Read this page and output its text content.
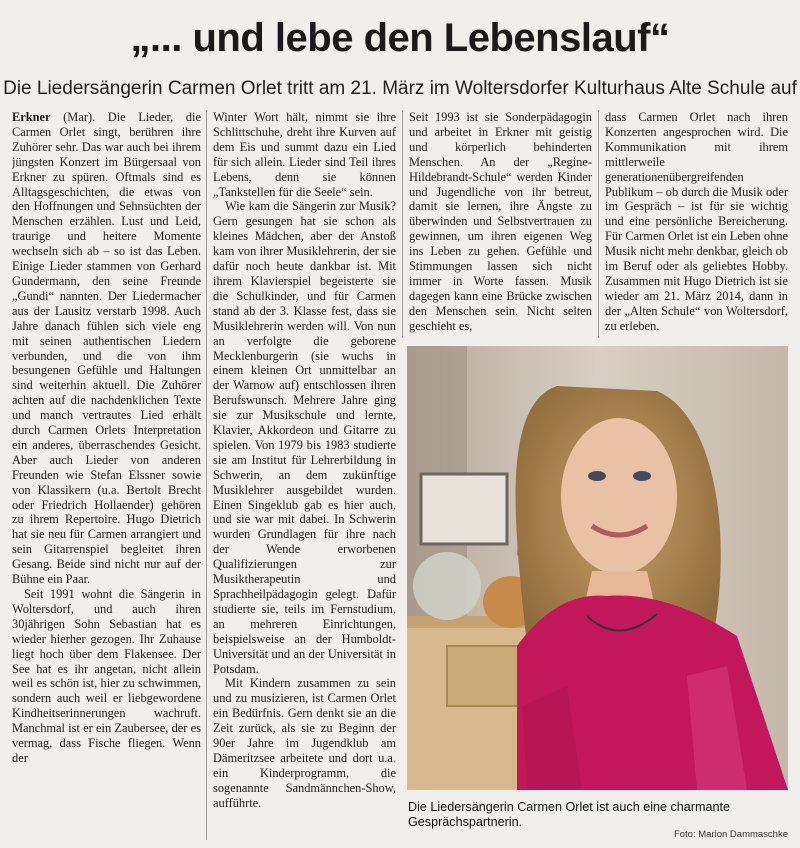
„... und lebe den Lebenslauf“
Die Liedersängerin Carmen Orlet tritt am 21. März im Woltersdorfer Kulturhaus Alte Schule auf

Erkner (Mar). Die Lieder, die Carmen Orlet singt, berühren ihre Zuhörer sehr. Das war auch bei ihrem jüngsten Konzert im Bürgersaal von Erkner zu spüren. Oftmals sind es Alltagsgeschichten, die etwas von den Hoffnungen und Sehnsüchten der Menschen erzählen. Lust und Leid, traurige und heitere Momente wechseln sich ab – so ist das Leben. Einige Lieder stammen von Gerhard Gundermann, den seine Freunde „Gundi“ nannten. Der Liedermacher aus der Lausitz verstarb 1998. Auch Jahre danach fühlen sich viele eng mit seinen authentischen Liedern verbunden, und die von ihm besungenen Gefühle und Haltungen sind weiterhin aktuell. Die Zuhörer achten auf die nachdenklichen Texte und manch vertrautes Lied erhält durch Carmen Orlets Interpretation ein anderes, überraschendes Gesicht. Aber auch Lieder von anderen Freunden wie Stefan Elssner sowie von Klassikern (u.a. Bertolt Brecht oder Friedrich Hollaender) gehören zu ihrem Repertoire. Hugo Dietrich hat sie neu für Carmen arrangiert und sein Gitarrenspiel begleitet ihren Gesang. Beide sind nicht nur auf der Bühne ein Paar.

Seit 1991 wohnt die Sängerin in Woltersdorf, und auch ihren 30jährigen Sohn Sebastian hat es wieder hierher gezogen. Ihr Zuhause liegt hoch über dem Flakensee. Der See hat es ihr angetan, nicht allein weil es schön ist, hier zu schwimmen, sondern auch weil er liebgewordene Kindheitserinnerungen wachruft. Manchmal ist er ein Zaubersee, der es vermag, dass Fische fliegen. Wenn der

Winter Wort hält, nimmt sie ihre Schlittschuhe, dreht ihre Kurven auf dem Eis und summt dazu ein Lied für sich allein. Lieder sind Teil ihres Lebens, denn sie können „Tankstellen für die Seele“ sein.

Wie kam die Sängerin zur Musik? Gern gesungen hat sie schon als kleines Mädchen, aber der Anstoß kam von ihrer Musiklehrerin, der sie dafür noch heute dankbar ist. Mit ihrem Klavierspiel begeisterte sie die Schulkinder, und für Carmen stand ab der 3. Klasse fest, dass sie Musiklehrerin werden will. Von nun an verfolgte die geborene Mecklenburgerin (sie wuchs in einem kleinen Ort unmittelbar an der Warnow auf) entschlossen ihren Berufswunsch. Mehrere Jahre ging sie zur Musikschule und lernte, Klavier, Akkordeon und Gitarre zu spielen. Von 1979 bis 1983 studierte sie am Institut für Lehrerbildung in Schwerin, an dem zukünftige Musiklehrer ausgebildet wurden. Einen Singeklub gab es hier auch, und sie war mit dabei. In Schwerin wurden Grundlagen für ihre nach der Wende erworbenen Qualifizierungen zur Musiktherapeutin und Sprachheilpädagogin gelegt. Dafür studierte sie, teils im Fernstudium, an mehreren Einrichtungen, beispielsweise an der Humboldt-Universität und an der Universität in Potsdam.

Mit Kindern zusammen zu sein und zu musizieren, ist Carmen Orlet ein Bedürfnis. Gern denkt sie an die Zeit zurück, als sie zu Beginn der 90er Jahre im Jugendklub am Dämeritzsee arbeitete und dort u.a. ein Kinderprogramm, die sogenannte Sandmännchen-Show, aufführte.

Seit 1993 ist sie Sonderpädagogin und arbeitet in Erkner mit geistig und körperlich behinderten Menschen. An der „Regine-Hildebrandt-Schule“ werden Kinder und Jugendliche von ihr betreut, damit sie lernen, ihre Ängste zu überwinden und Selbstvertrauen zu gewinnen, um ihren eigenen Weg ins Leben zu gehen. Gefühle und Stimmungen lassen sich nicht immer in Worte fassen. Musik dagegen kann eine Brücke zwischen den Menschen sein. Nicht selten geschieht es,

dass Carmen Orlet nach ihren Konzerten angesprochen wird. Die Kommunikation mit ihrem mittlerweile generationenübergreifenden Publikum – ob durch die Musik oder im Gespräch – ist für sie wichtig und eine persönliche Bereicherung. Für Carmen Orlet ist ein Leben ohne Musik nicht mehr denkbar, gleich ob im Beruf oder als geliebtes Hobby. Zusammen mit Hugo Dietrich ist sie wieder am 21. März 2014, dann in der „Alten Schule“ von Woltersdorf, zu erleben.

Die Liedersängerin Carmen Orlet ist auch eine charmante Gesprächspartnerin.
Foto: Marion Dammaschke
